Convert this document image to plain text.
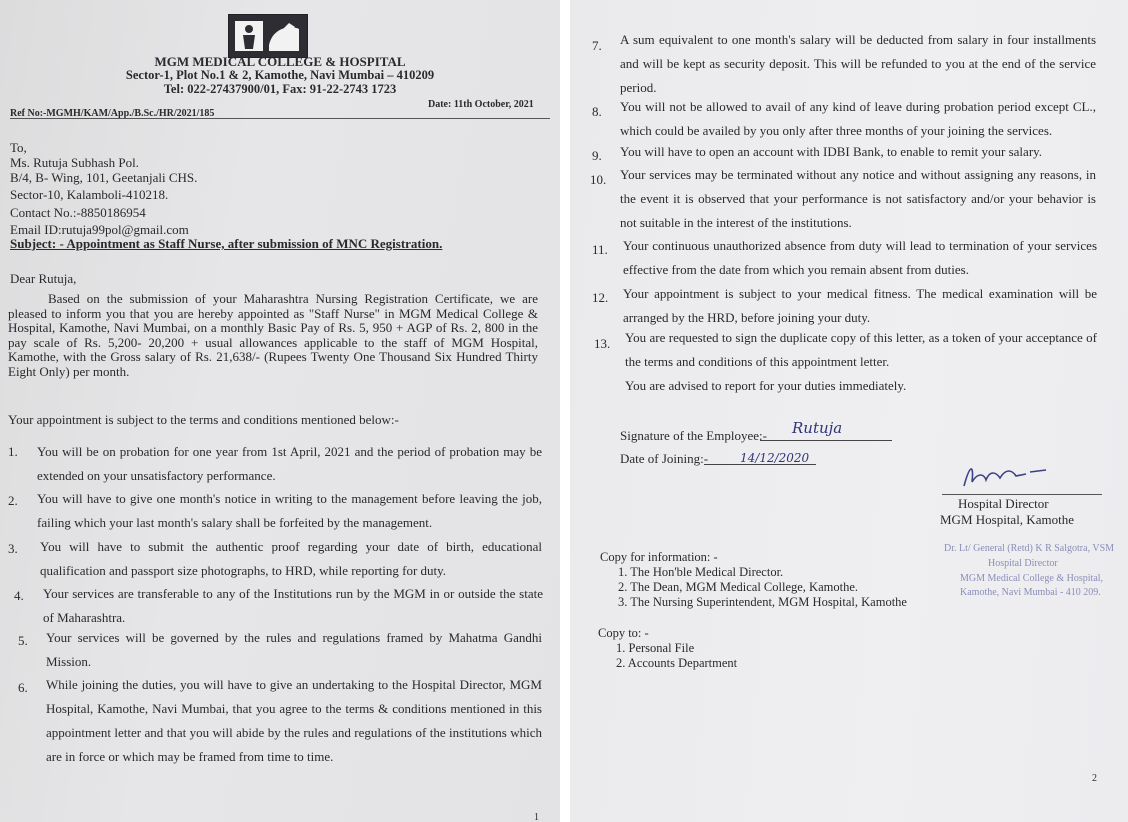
MGM MEDICAL COLLEGE & HOSPITAL
Sector-1, Plot No.1 & 2, Kamothe, Navi Mumbai – 410209
Tel: 022-27437900/01, Fax: 91-22-2743 1723
Ref No:-MGMH/KAM/App./B.Sc./HR/2021/185
Date: 11th October, 2021
To,
Ms. Rutuja Subhash Pol.
B/4, B- Wing, 101, Geetanjali CHS.
Sector-10, Kalamboli-410218.
Contact No.:-8850186954
Email ID:rutuja99pol@gmail.com
Subject: - Appointment as Staff Nurse, after submission of MNC Registration.
Dear Rutuja,
Based on the submission of your Maharashtra Nursing Registration Certificate, we are pleased to inform you that you are hereby appointed as "Staff Nurse" in MGM Medical College & Hospital, Kamothe, Navi Mumbai, on a monthly Basic Pay of Rs. 5, 950 + AGP of Rs. 2, 800 in the pay scale of Rs. 5,200- 20,200 + usual allowances applicable to the staff of MGM Hospital, Kamothe, with the Gross salary of Rs. 21,638/- (Rupees Twenty One Thousand Six Hundred Thirty Eight Only) per month.
Your appointment is subject to the terms and conditions mentioned below:-
1. You will be on probation for one year from 1st April, 2021 and the period of probation may be extended on your unsatisfactory performance.
2. You will have to give one month's notice in writing to the management before leaving the job, failing which your last month's salary shall be forfeited by the management.
3. You will have to submit the authentic proof regarding your date of birth, educational qualification and passport size photographs, to HRD, while reporting for duty.
4. Your services are transferable to any of the Institutions run by the MGM in or outside the state of Maharashtra.
5. Your services will be governed by the rules and regulations framed by Mahatma Gandhi Mission.
6. While joining the duties, you will have to give an undertaking to the Hospital Director, MGM Hospital, Kamothe, Navi Mumbai, that you agree to the terms & conditions mentioned in this appointment letter and that you will abide by the rules and regulations of the institutions which are in force or which may be framed from time to time.
1
7. A sum equivalent to one month's salary will be deducted from salary in four installments and will be kept as security deposit. This will be refunded to you at the end of the service period.
8. You will not be allowed to avail of any kind of leave during probation period except CL., which could be availed by you only after three months of your joining the services.
9. You will have to open an account with IDBI Bank, to enable to remit your salary.
10. Your services may be terminated without any notice and without assigning any reasons, in the event it is observed that your performance is not satisfactory and/or your behavior is not suitable in the interest of the institutions.
11. Your continuous unauthorized absence from duty will lead to termination of your services effective from the date from which you remain absent from duties.
12. Your appointment is subject to your medical fitness. The medical examination will be arranged by the HRD, before joining your duty.
13. You are requested to sign the duplicate copy of this letter, as a token of your acceptance of the terms and conditions of this appointment letter.
You are advised to report for your duties immediately.
Signature of the Employee:- Rutuja
Date of Joining:-	14/12/2020
Hospital Director
MGM Hospital, Kamothe
Dr. Lt/ General (Retd) K R Salgotra, VSM
Hospital Director
MGM Medical College & Hospital,
Kamothe, Navi Mumbai - 410 209.
Copy for information: -
1. The Hon'ble Medical Director.
2. The Dean, MGM Medical College, Kamothe.
3. The Nursing Superintendent, MGM Hospital, Kamothe
Copy to: -
1. Personal File
2. Accounts Department
2
